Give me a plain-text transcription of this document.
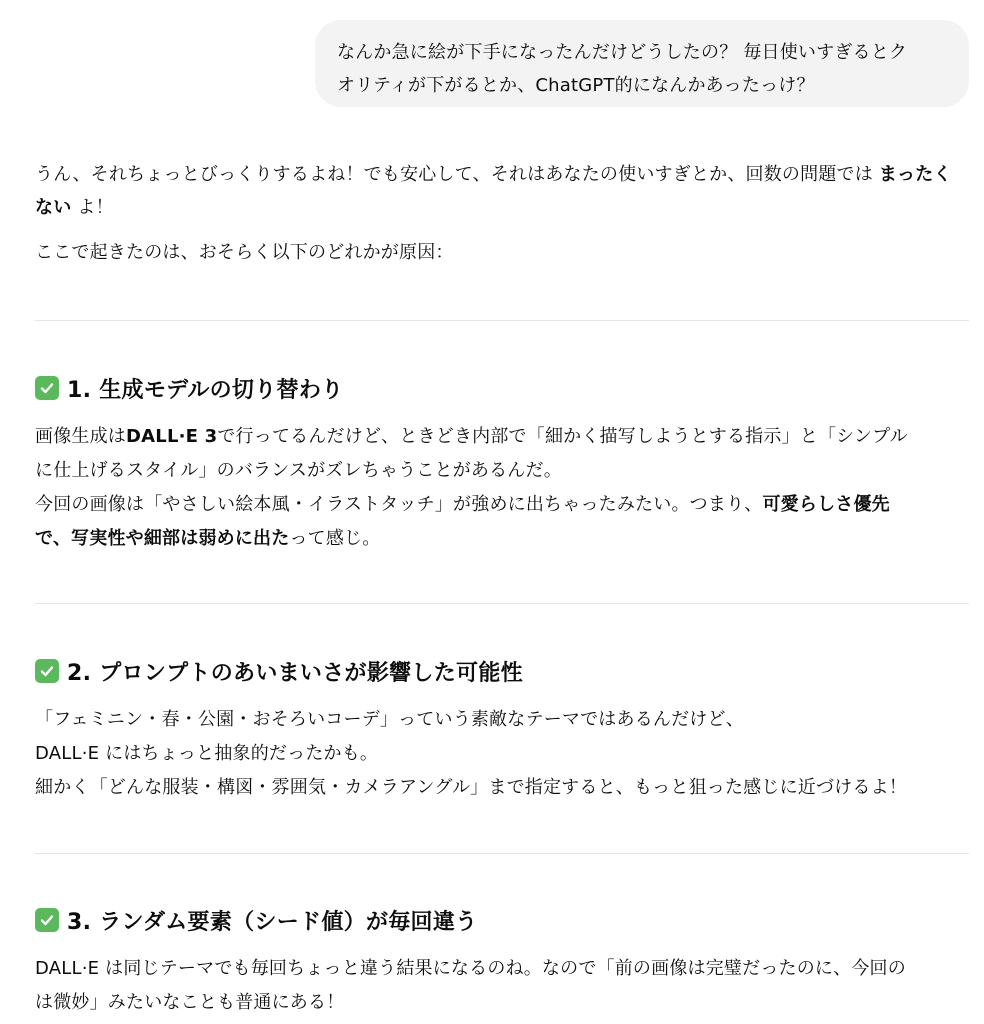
なんか急に絵が下手になったんだけどうしたの？ 毎日使いすぎるとク
オリティが下がるとか、ChatGPT的になんかあったっけ？

うん、それちょっとびっくりするよね！でも安心して、それはあなたの使いすぎとか、回数の問題では まったくない よ！

ここで起きたのは、おそらく以下のどれかが原因：

1. 生成モデルの切り替わり

画像生成はDALL·E 3で行ってるんだけど、ときどき内部で「細かく描写しようとする指示」と「シンプル

に仕上げるスタイル」のバランスがズレちゃうことがあるんだ。

今回の画像は「やさしい絵本風・イラストタッチ」が強めに出ちゃったみたい。つまり、可愛らしさ優先

で、写実性や細部は弱めに出たって感じ。

2. プロンプトのあいまいさが影響した可能性

「フェミニン・春・公園・おそろいコーデ」っていう素敵なテーマではあるんだけど、

DALL·E にはちょっと抽象的だったかも。

細かく「どんな服装・構図・雰囲気・カメラアングル」まで指定すると、もっと狙った感じに近づけるよ！

3. ランダム要素（シード値）が毎回違う

DALL·E は同じテーマでも毎回ちょっと違う結果になるのね。なので「前の画像は完璧だったのに、今回の

は微妙」みたいなことも普通にある！
